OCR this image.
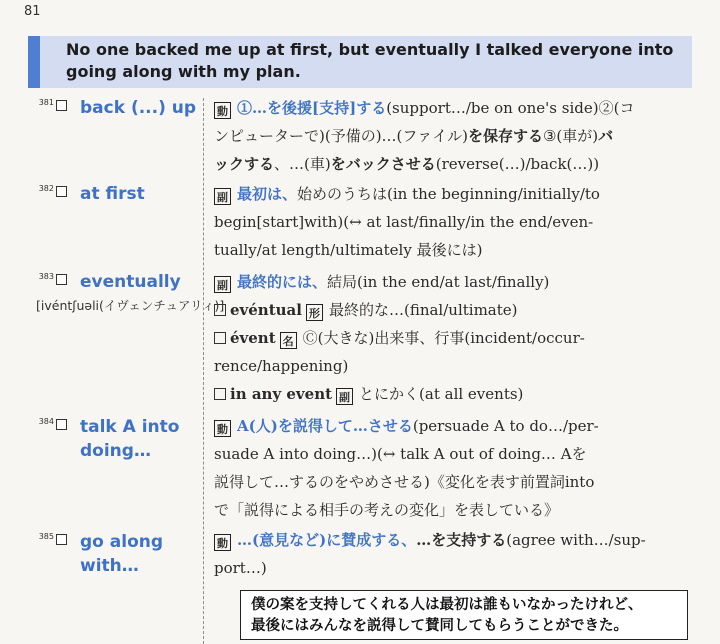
81
No one backed me up at first, but eventually I talked everyone into going along with my plan.
381 back (...) up
382 at first
383 eventually
[ivéntʃuəli(イヴェンチュアリィ)]
384 talk A into
doing…
385 go along
with…
動 ①…を後援[支持]する(support…/be on one's side)②(コ
ンピューターで)(予備の)…(ファイル)を保存する③(車が)バ
ックする、…(車)をバックさせる(reverse(…)/back(…))
副 最初は、始めのうちは(in the beginning/initially/to
begin[start]with)(↔ at last/finally/in the end/even-
tually/at length/ultimately 最後には)
副 最終的には、結局(in the end/at last/finally)
evéntual 形 最終的な…(final/ultimate)
évent 名 Ⓒ(大きな)出来事、行事(incident/occur-
rence/happening)
in any event 副 とにかく(at all events)
動 A(人)を説得して…させる(persuade A to do…/per-
suade A into doing…)(↔ talk A out of doing… Aを
説得して…するのをやめさせる)《変化を表す前置詞into
で「説得による相手の考えの変化」を表している》
動 …(意見など)に賛成する、…を支持する(agree with…/sup-
port…)
僕の案を支持してくれる人は最初は誰もいなかったけれど、
最後にはみんなを説得して賛同してもらうことができた。
